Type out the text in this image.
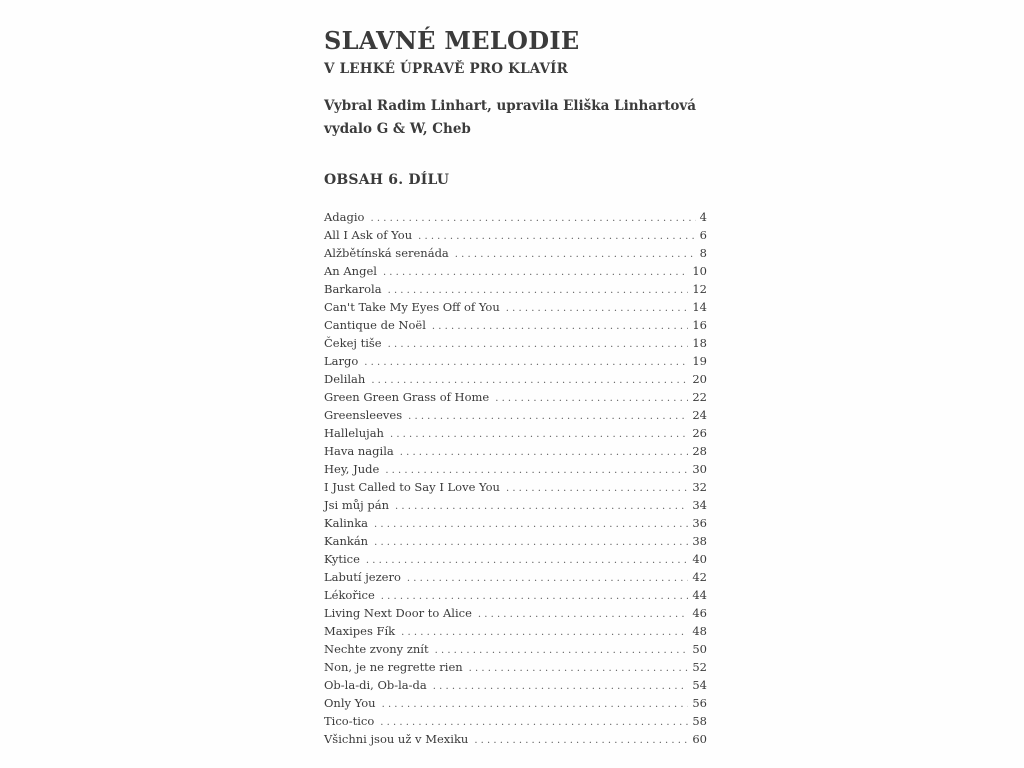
SLAVNÉ MELODIE
V LEHKÉ ÚPRAVĚ PRO KLAVÍR
Vybral Radim Linhart, upravila Eliška Linhartová
vydalo G & W, Cheb
OBSAH 6. DÍLU
Adagio . . .	4
All I Ask of You . . .	6
Alžbětínská serenáda . . .	8
An Angel . . .	10
Barkarola . . .	12
Can't Take My Eyes Off of You . . .	14
Cantique de Noël . . .	16
Čekej tiše . . .	18
Largo . . .	19
Delilah . . .	20
Green Green Grass of Home . . .	22
Greensleeves . . .	24
Hallelujah . . .	26
Hava nagila . . .	28
Hey, Jude . . .	30
I Just Called to Say I Love You . . .	32
Jsi můj pán . . .	34
Kalinka . . .	36
Kankán . . .	38
Kytice . . .	40
Labutí jezero . . .	42
Lékořice . . .	44
Living Next Door to Alice . . .	46
Maxipes Fík . . .	48
Nechte zvony znít . . .	50
Non, je ne regrette rien . . .	52
Ob-la-di, Ob-la-da . . .	54
Only You . . .	56
Tico-tico . . .	58
Všichni jsou už v Mexiku . . .	60
